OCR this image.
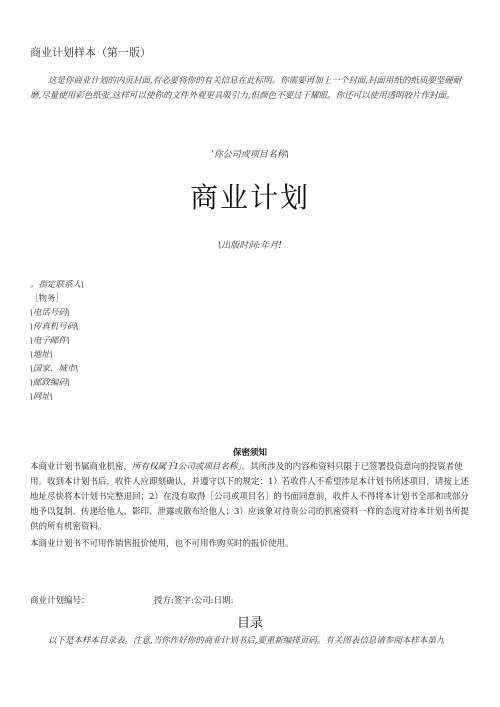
商业计划样本（第一版）
这是你商业计划的内页封面,有必要将你的有关信息在此标明。你需要再加上一个封面,封面用纸的纸质要坚硬耐磨,尽量使用彩色纸张,这样可以使你的文件外观更具吸引力,但颜色不要过于耀眼。你还可以使用透明胶片作封面。
'你公司或项目名称\
商业计划
\出版时间:年月!
。指定联系人\
［物务］
\电话号码\
\传真机号码\
\电子邮件\
\地址\
\国家、城市\
\邮政编码\
\网址\
保密须知
本商业计划书属商业机密，所有权属于I公司或项目名称」。其所涉及的内容和资料只限于已签署投资意向的投资者使用。收到本计划书后，收件人应即刻确认，并遵守以下的规定：1）若收件人不希望涉足本计划书所述项目，请按上述地址尽快将本计划书完整退回；2）在没有取得［公司或项目名］的书面同意前，收件人不得将本计划书全部和或部分地予以复制、传递给他人、影印、泄露或散布给他人；3）应该象对待贵公司的机密资料一样的态度对待本计划书所提供的所有机密资料。
本商业计划书不可用作销售报价使用，也不可用作购买时的报价使用。
商业计划编号：	授方:签字:公司:日期:
目录
以下是本样本目录表。注意,当你作好你的商业计划书后,要重新编排页码。有关图表信息请参阅本样本第九
